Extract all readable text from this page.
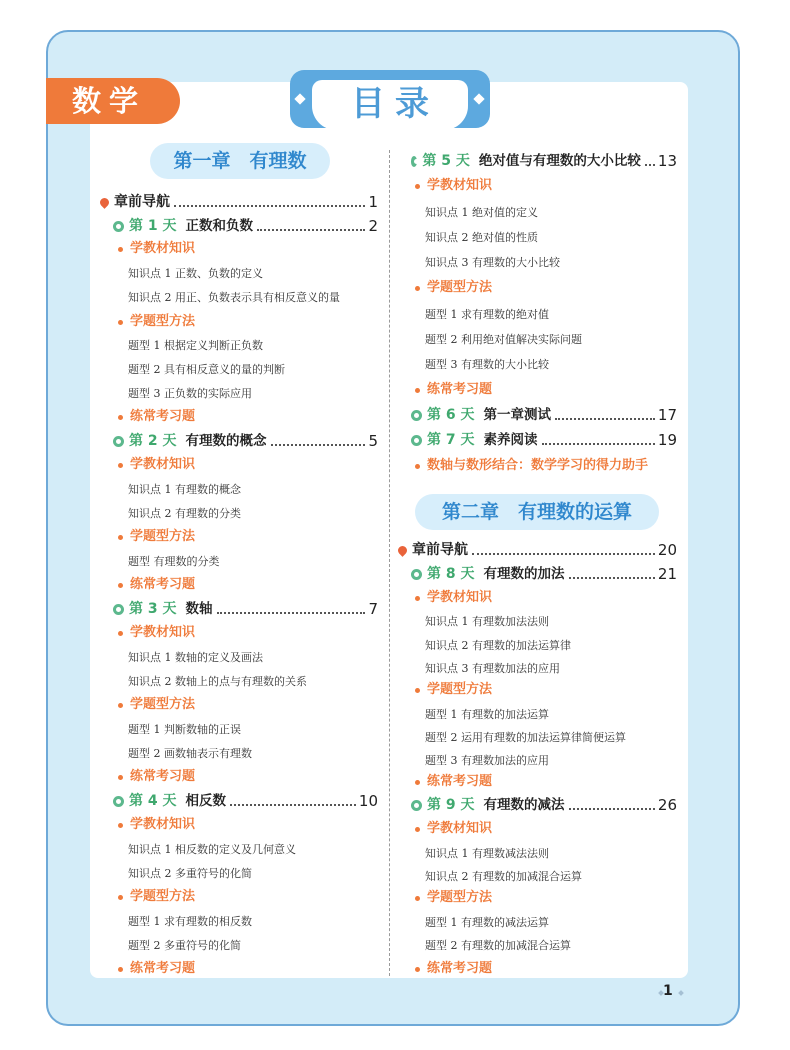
数学	目录
第一章　有理数
第二章　有理数的运算
章前导航	1
第 1 天 正数和负数	2
学教材知识
知识点 1 正数、负数的定义
知识点 2 用正、负数表示具有相反意义的量
学题型方法
题型 1 根据定义判断正负数
题型 2 具有相反意义的量的判断
题型 3 正负数的实际应用
练常考习题
第 2 天 有理数的概念	5
学教材知识
知识点 1 有理数的概念
知识点 2 有理数的分类
学题型方法
题型 有理数的分类
练常考习题
第 3 天 数轴	7
学教材知识
知识点 1 数轴的定义及画法
知识点 2 数轴上的点与有理数的关系
学题型方法
题型 1 判断数轴的正误
题型 2 画数轴表示有理数
练常考习题
第 4 天 相反数	10
学教材知识
知识点 1 相反数的定义及几何意义
知识点 2 多重符号的化简
学题型方法
题型 1 求有理数的相反数
题型 2 多重符号的化简
练常考习题
第 5 天 绝对值与有理数的大小比较 13
学教材知识
知识点 1 绝对值的定义
知识点 2 绝对值的性质
知识点 3 有理数的大小比较
学题型方法
题型 1 求有理数的绝对值
题型 2 利用绝对值解决实际问题
题型 3 有理数的大小比较
练常考习题
第 6 天 第一章测试	17
第 7 天 素养阅读	19
数轴与数形结合：数学学习的得力助手
章前导航	20
第 8 天 有理数的加法	21
学教材知识
知识点 1 有理数加法法则
知识点 2 有理数的加法运算律
知识点 3 有理数加法的应用
学题型方法
题型 1 有理数的加法运算
题型 2 运用有理数的加法运算律简便运算
题型 3 有理数加法的应用
练常考习题
第 9 天 有理数的减法	26
学教材知识
知识点 1 有理数减法法则
知识点 2 有理数的加减混合运算
学题型方法
题型 1 有理数的减法运算
题型 2 有理数的加减混合运算
练常考习题
1
